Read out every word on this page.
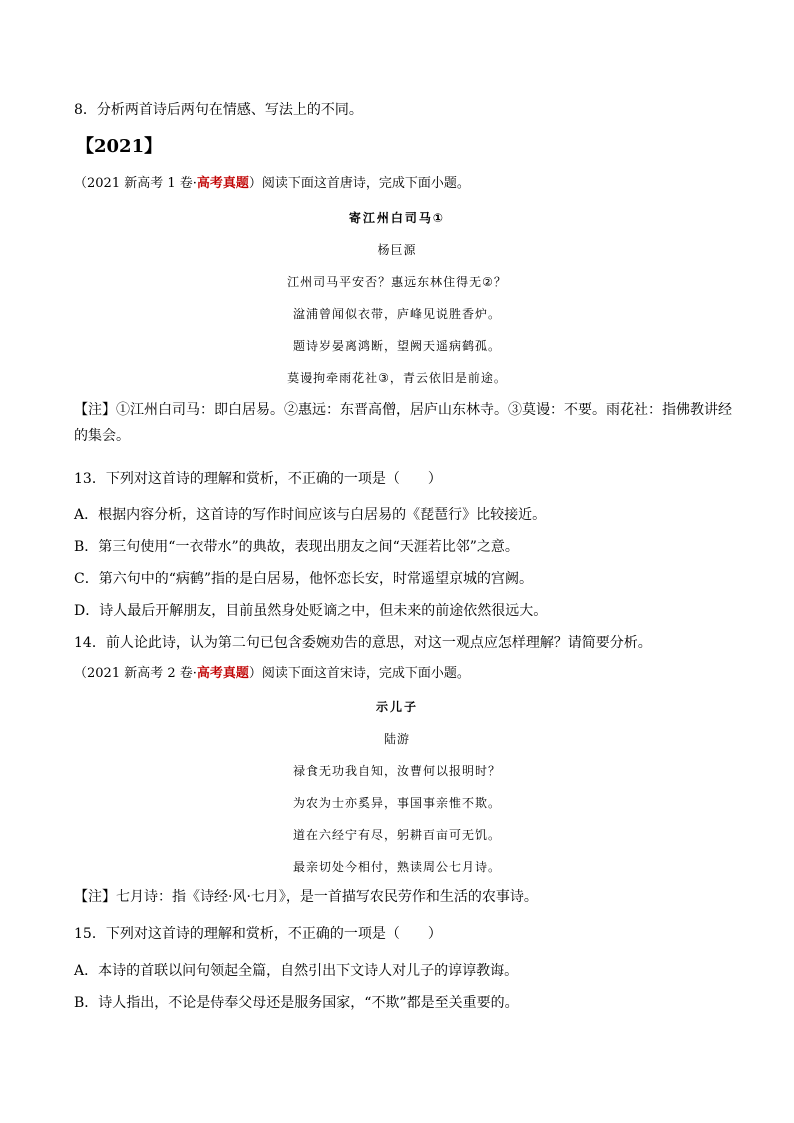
8．分析两首诗后两句在情感、写法上的不同。
【2021】
（2021 新高考 1 卷·高考真题）阅读下面这首唐诗，完成下面小题。
寄江州白司马①
杨巨源
江州司马平安否？惠远东林住得无②？
湓浦曾闻似衣带，庐峰见说胜香炉。
题诗岁晏离鸿断，望阙天遥病鹤孤。
莫谩拘牵雨花社③，青云依旧是前途。
【注】①江州白司马：即白居易。②惠远：东晋高僧，居庐山东林寺。③莫谩：不要。雨花社：指佛教讲经的集会。
13．下列对这首诗的理解和赏析，不正确的一项是（　　）
A．根据内容分析，这首诗的写作时间应该与白居易的《琵琶行》比较接近。
B．第三句使用“一衣带水”的典故，表现出朋友之间“天涯若比邻”之意。
C．第六句中的“病鹤”指的是白居易，他怀恋长安，时常遥望京城的宫阙。
D．诗人最后开解朋友，目前虽然身处贬谪之中，但未来的前途依然很远大。
14．前人论此诗，认为第二句已包含委婉劝告的意思，对这一观点应怎样理解？请简要分析。
（2021 新高考 2 卷·高考真题）阅读下面这首宋诗，完成下面小题。
示儿子
陆游
禄食无功我自知，汝曹何以报明时？
为农为士亦奚异，事国事亲惟不欺。
道在六经宁有尽，躬耕百亩可无饥。
最亲切处今相付，熟读周公七月诗。
【注】七月诗：指《诗经·风·七月》，是一首描写农民劳作和生活的农事诗。
15．下列对这首诗的理解和赏析，不正确的一项是（　　）
A．本诗的首联以问句领起全篇，自然引出下文诗人对儿子的谆谆教诲。
B．诗人指出，不论是侍奉父母还是服务国家，“不欺”都是至关重要的。
